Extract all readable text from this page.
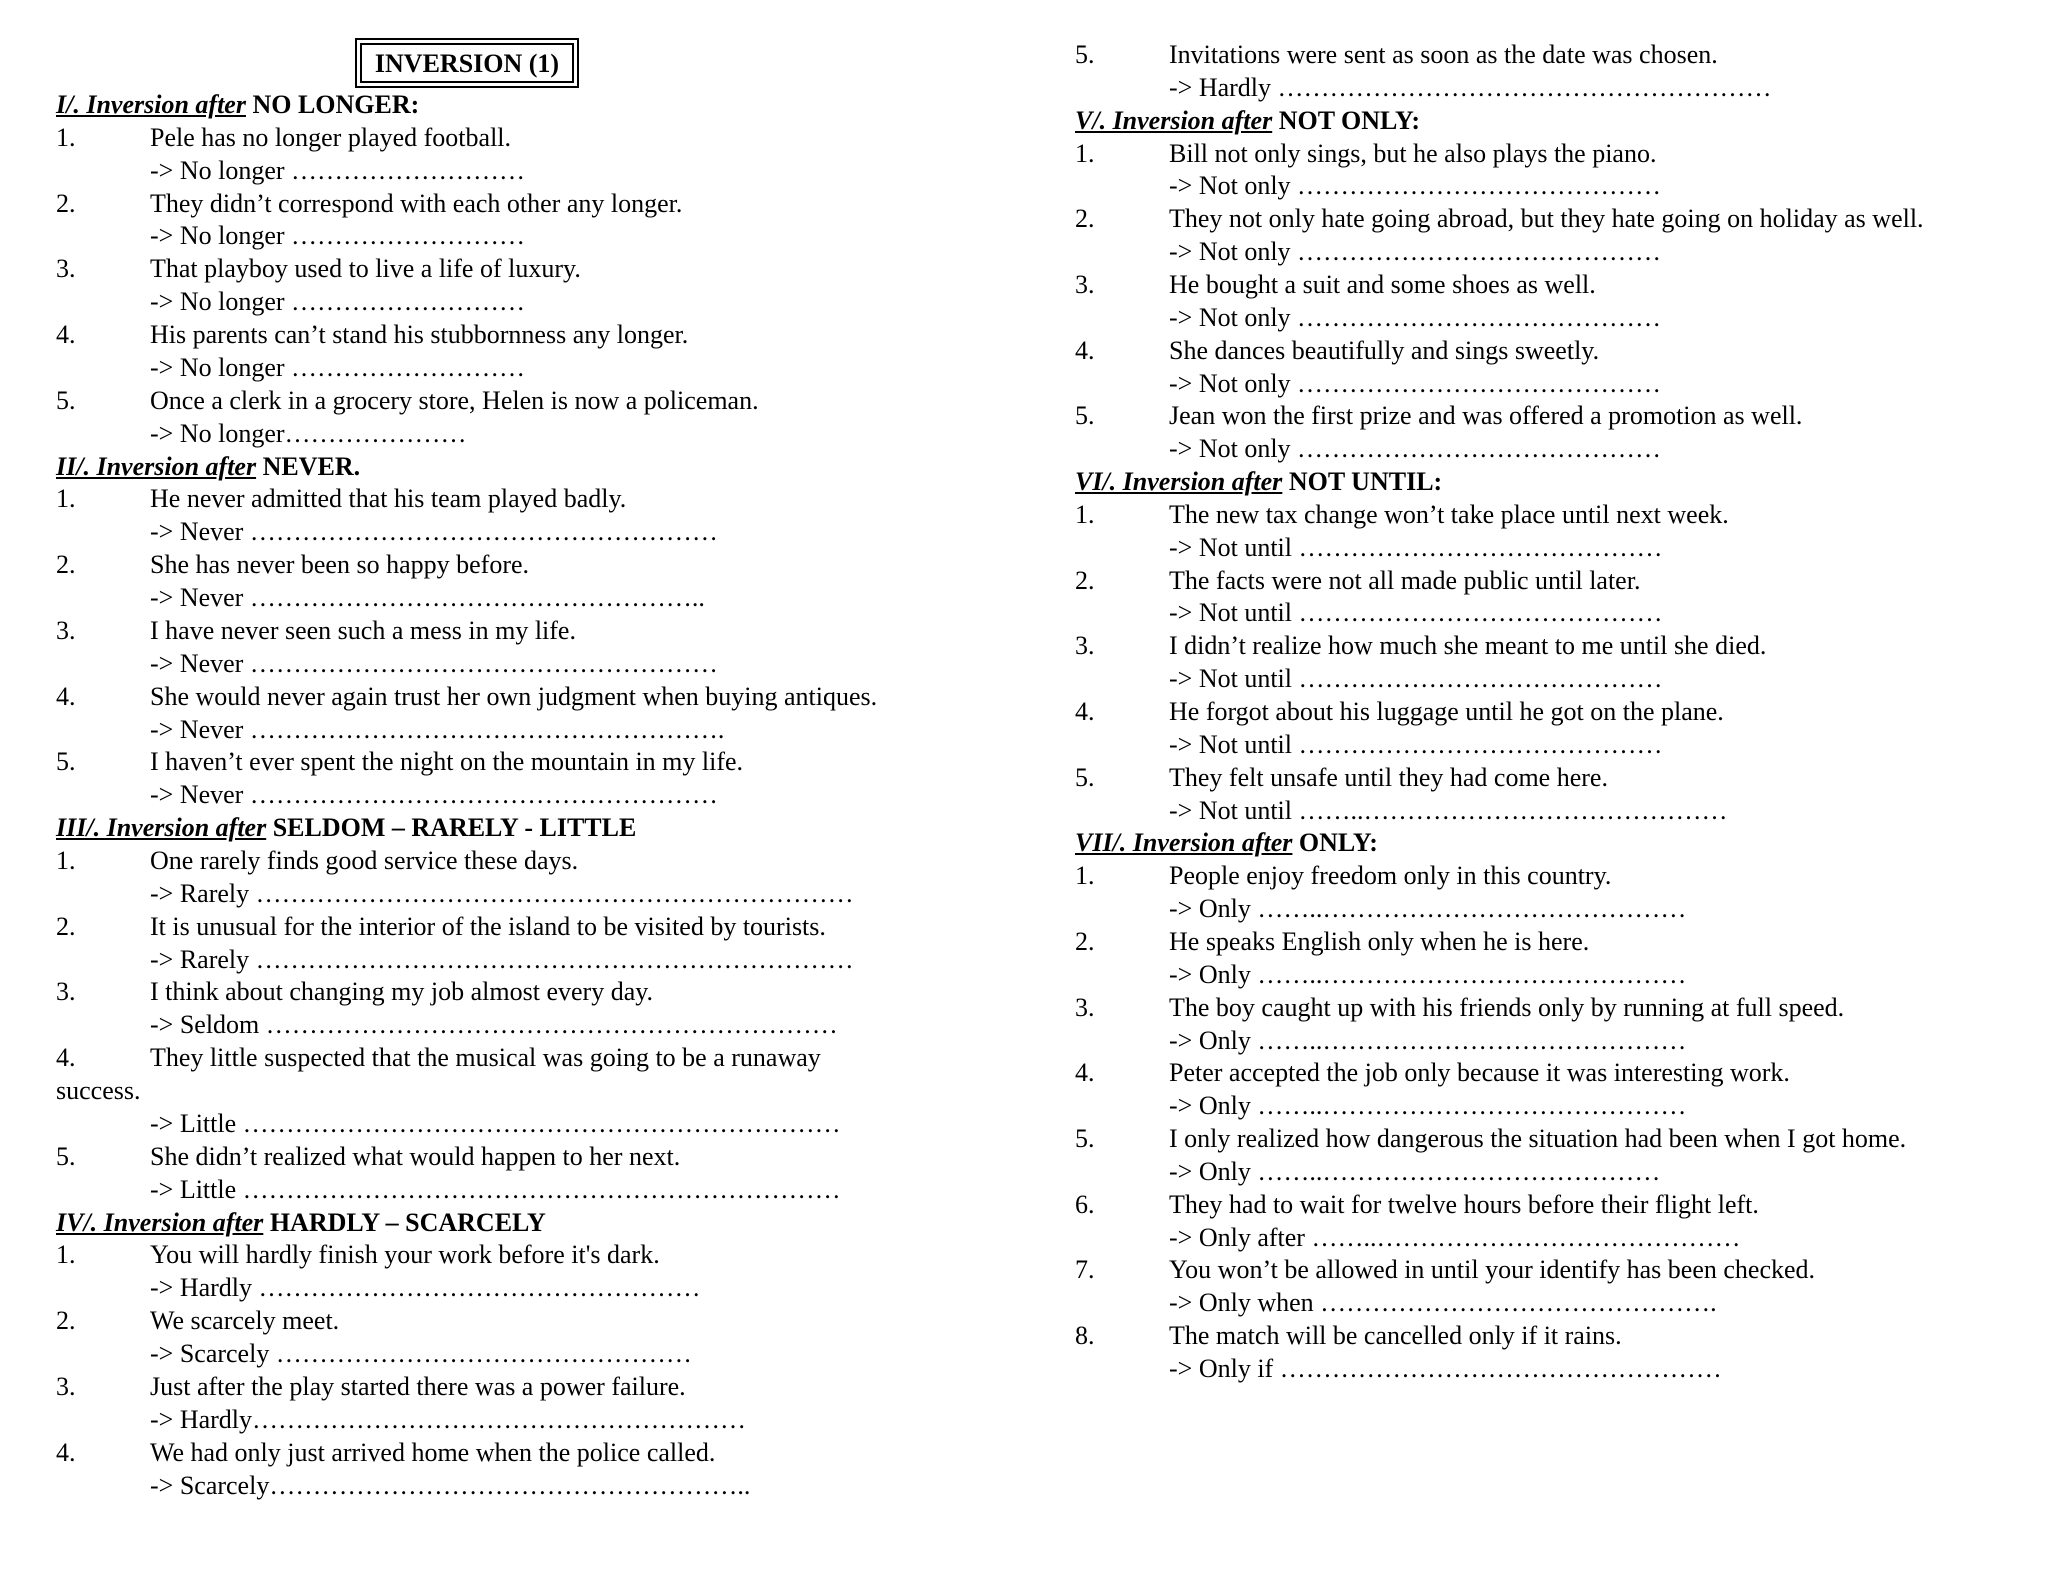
INVERSION (1)
I/. Inversion after NO LONGER:
1.	Pele has no longer played football.
-> No longer ………………………
2.	They didn’t correspond with each other any longer.
-> No longer ………………………
3.	That playboy used to live a life of luxury.
-> No longer ………………………
4.	His parents can’t stand his stubbornness any longer.
-> No longer ………………………
5.	Once a clerk in a grocery store, Helen is now a policeman.
-> No longer…………………
II/. Inversion after NEVER.
1.	He never admitted that his team played badly.
-> Never ………………………………………………
2.	She has never been so happy before.
-> Never ……………………………………………..
3.	I have never seen such a mess in my life.
-> Never ………………………………………………
4.	She would never again trust her own judgment when buying antiques.
-> Never ……………………………………………….
5.	I haven’t ever spent the night on the mountain in my life.
-> Never ………………………………………………
III/. Inversion after SELDOM – RARELY - LITTLE
1.	One rarely finds good service these days.
-> Rarely ……………………………………………………………
2.	It is unusual for the interior of the island to be visited by tourists.
-> Rarely ……………………………………………………………
3.	I think about changing my job almost every day.
-> Seldom …………………………………………………………
4.	They little suspected that the musical was going to be a runaway
success.
-> Little ……………………………………………………………
5.	She didn’t realized what would happen to her next.
-> Little ……………………………………………………………
IV/. Inversion after HARDLY – SCARCELY
1.	You will hardly finish your work before it's dark.
-> Hardly ……………………………………………
2.	We scarcely meet.
-> Scarcely …………………………………………
3.	Just after the play started there was a power failure.
-> Hardly…………………………………………………
4.	We had only just arrived home when the police called.
-> Scarcely………………………………………………..
5.	Invitations were sent as soon as the date was chosen.
-> Hardly …………………………………………………
V/. Inversion after NOT ONLY:
1.	Bill not only sings, but he also plays the piano.
-> Not only ……………………………………
2.	They not only hate going abroad, but they hate going on holiday as well.
-> Not only ……………………………………
3.	He bought a suit and some shoes as well.
-> Not only ……………………………………
4.	She dances beautifully and sings sweetly.
-> Not only ……………………………………
5.	Jean won the first prize and was offered a promotion as well.
-> Not only ……………………………………
VI/. Inversion after NOT UNTIL:
1.	The new tax change won’t take place until next week.
-> Not until ……………………………………
2.	The facts were not all made public until later.
-> Not until ……………………………………
3.	I didn’t realize how much she meant to me until she died.
-> Not until ……………………………………
4.	He forgot about his luggage until he got on the plane.
-> Not until ……………………………………
5.	They felt unsafe until they had come here.
-> Not until ……..……………………………………
VII/. Inversion after ONLY:
1.	People enjoy freedom only in this country.
-> Only ……..……………………………………
2.	He speaks English only when he is here.
-> Only ……..……………………………………
3.	The boy caught up with his friends only by running at full speed.
-> Only ……..……………………………………
4.	Peter accepted the job only because it was interesting work.
-> Only ……..……………………………………
5.	I only realized how dangerous the situation had been when I got home.
-> Only ……..…………………………………
6.	They had to wait for twelve hours before their flight left.
-> Only after ……..……………………………………
7.	You won’t be allowed in until your identify has been checked.
-> Only when ……………………………………….
8.	The match will be cancelled only if it rains.
-> Only if ……………………………………………
